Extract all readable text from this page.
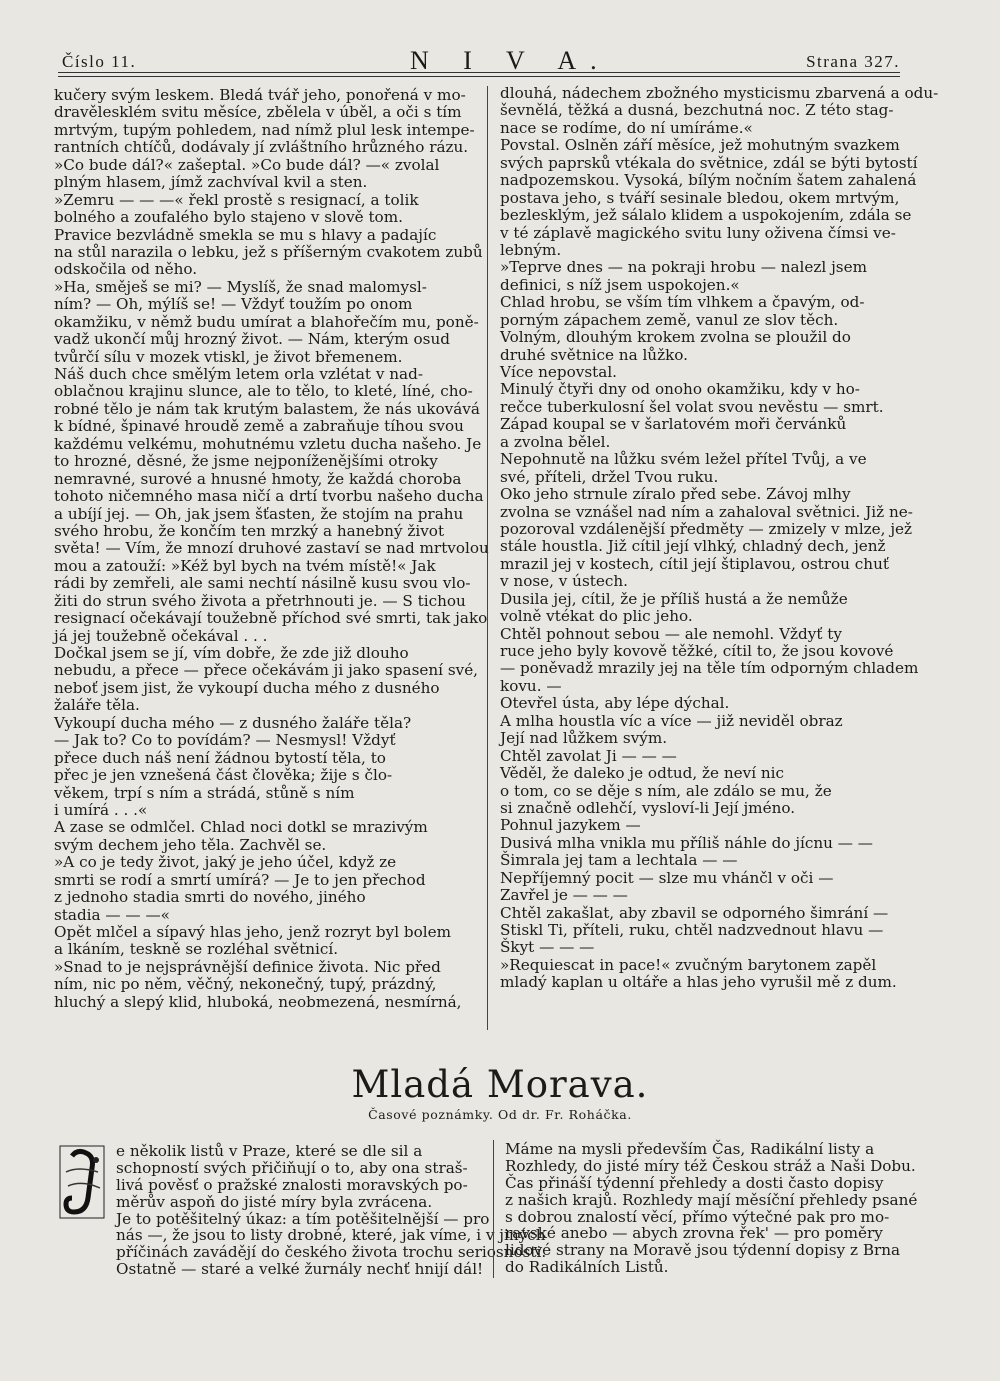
Číslo 11.	N I V A.	Strana 327.
kučery svým leskem. Bledá tvář jeho, ponořená v mo-
dravělesklém svitu měsíce, zbělela v úběl, a oči s tím
mrtvým, tupým pohledem, nad nímž plul lesk intempe-
rantních chtíčů, dodávaly jí zvláštního hrůzného rázu.
»Co bude dál?« zašeptal. »Co bude dál? —« zvolal
plným hlasem, jímž zachvíval kvil a sten.
»Zemru — — —« řekl prostě s resignací, a tolik
bolného a zoufalého bylo stajeno v slově tom.
Pravice bezvládně smekla se mu s hlavy a padajíc
na stůl narazila o lebku, jež s příšerným cvakotem zubů
odskočila od něho.
»Ha, směješ se mi? — Myslíš, že snad malomysl-
ním? — Oh, mýlíš se! — Vždyť toužím po onom
okamžiku, v němž budu umírat a blahořečím mu, poně-
vadž ukončí můj hrozný život. — Nám, kterým osud
tvůrčí sílu v mozek vtiskl, je život břemenem.
Náš duch chce smělým letem orla vzlétat v nad-
oblačnou krajinu slunce, ale to tělo, to kleté, líné, cho-
robné tělo je nám tak krutým balastem, že nás ukovává
k bídné, špinavé hroudě země a zabraňuje tíhou svou
každému velkému, mohutnému vzletu ducha našeho. Je
to hrozné, děsné, že jsme nejponíženějšími otroky
nemravné, surové a hnusné hmoty, že každá choroba
tohoto ničemného masa ničí a drtí tvorbu našeho ducha
a ubíjí jej. — Oh, jak jsem šťasten, že stojím na prahu
svého hrobu, že končím ten mrzký a hanebný život
světa! — Vím, že mnozí druhové zastaví se nad mrtvolou
mou a zatouží: »Kéž byl bych na tvém místě!« Jak
rádi by zemřeli, ale sami nechtí násilně kusu svou vlo-
žiti do strun svého života a přetrhnouti je. — S tichou
resignací očekávají toužebně příchod své smrti, tak jako
já jej toužebně očekával . . .
Dočkal jsem se jí, vím dobře, že zde již dlouho
nebudu, a přece — přece očekávám ji jako spasení své,
neboť jsem jist, že vykoupí ducha mého z dusného
žaláře těla.
Vykoupí ducha mého — z dusného žaláře těla?
— Jak to? Co to povídám? — Nesmysl! Vždyť
přece duch náš není žádnou bytostí těla, to
přec je jen vznešená část člověka; žije s člo-
věkem, trpí s ním a strádá, stůně s ním
i umírá . . .«
A zase se odmlčel. Chlad noci dotkl se mrazivým
svým dechem jeho těla. Zachvěl se.
»A co je tedy život, jaký je jeho účel, když ze
smrti se rodí a smrtí umírá? — Je to jen přechod
z jednoho stadia smrti do nového, jiného
stadia — — —«
Opět mlčel a sípavý hlas jeho, jenž rozryt byl bolem
a lkáním, teskně se rozléhal světnicí.
»Snad to je nejsprávnější definice života. Nic před
ním, nic po něm, věčný, nekonečný, tupý, prázdný,
hluchý a slepý klid, hluboká, neobmezená, nesmírná,
dlouhá, nádechem zbožného mysticismu zbarvená a odu-
ševnělá, těžká a dusná, bezchutná noc. Z této stag-
nace se rodíme, do ní umíráme.«
Povstal. Oslněn září měsíce, jež mohutným svazkem
svých paprsků vtékala do světnice, zdál se býti bytostí
nadpozemskou. Vysoká, bílým nočním šatem zahalená
postava jeho, s tváří sesinale bledou, okem mrtvým,
bezlesklým, jež sálalo klidem a uspokojením, zdála se
v té záplavě magického svitu luny oživena čímsi ve-
lebným.
»Teprve dnes — na pokraji hrobu — nalezl jsem
definici, s níž jsem uspokojen.«
Chlad hrobu, se vším tím vlhkem a čpavým, od-
porným zápachem země, vanul ze slov těch.
Volným, dlouhým krokem zvolna se ploužil do
druhé světnice na lůžko.
Více nepovstal.
Minulý čtyři dny od onoho okamžiku, kdy v ho-
rečce tuberkulosní šel volat svou nevěstu — smrt.
Západ koupal se v šarlatovém moři červánků
a zvolna bělel.
Nepohnutě na lůžku svém ležel přítel Tvůj, a ve
své, příteli, držel Tvou ruku.
Oko jeho strnule zíralo před sebe. Závoj mlhy
zvolna se vznášel nad ním a zahaloval světnici. Již ne-
pozoroval vzdálenější předměty — zmizely v mlze, jež
stále houstla. Již cítil její vlhký, chladný dech, jenž
mrazil jej v kostech, cítil její štiplavou, ostrou chuť
v nose, v ústech.
Dusila jej, cítil, že je příliš hustá a že nemůže
volně vtékat do plic jeho.
Chtěl pohnout sebou — ale nemohl. Vždyť ty
ruce jeho byly kovově těžké, cítil to, že jsou kovové
— poněvadž mrazily jej na těle tím odporným chladem
kovu. —
Otevřel ústa, aby lépe dýchal.
A mlha houstla víc a více — již neviděl obraz
Její nad lůžkem svým.
Chtěl zavolat Ji — — —
Věděl, že daleko je odtud, že neví nic
o tom, co se děje s ním, ale zdálo se mu, že
si značně odlehčí, vysloví-li Její jméno.
Pohnul jazykem —
Dusivá mlha vnikla mu příliš náhle do jícnu — —
Šimrala jej tam a lechtala — —
Nepříjemný pocit — slze mu vhánčl v oči —
Zavřel je — — —
Chtěl zakašlat, aby zbavil se odporného šimrání —
Stiskl Ti, příteli, ruku, chtěl nadzvednout hlavu —
Škyt — — —
»Requiescat in pace!« zvučným barytonem zapěl
mladý kaplan u oltáře a hlas jeho vyrušil mě z dum.
Mladá Morava.
Časové poznámky. Od dr. Fr. Roháčka.
e několik listů v Praze, které se dle sil a
schopností svých přičiňují o to, aby ona straš-
livá pověsť o pražské znalosti moravských po-
měrův aspoň do jisté míry byla zvrácena.
Je to potěšitelný úkaz: a tím potěšitelnější — pro
nás —, že jsou to listy drobné, které, jak víme, i v jiných
příčinách zavádějí do českého života trochu seriosnosti.
Ostatně — staré a velké žurnály nechť hnijí dál!
Máme na mysli především Čas, Radikální listy a
Rozhledy, do jisté míry též Českou stráž a Naši Dobu.
Čas přináší týdenní přehledy a dosti často dopisy
z našich krajů. Rozhledy mají měsíční přehledy psané
s dobrou znalostí věcí, přímo výtečné pak pro mo-
ravské anebo — abych zrovna řek' — pro poměry
lidové strany na Moravě jsou týdenní dopisy z Brna
do Radikálních Listů.
